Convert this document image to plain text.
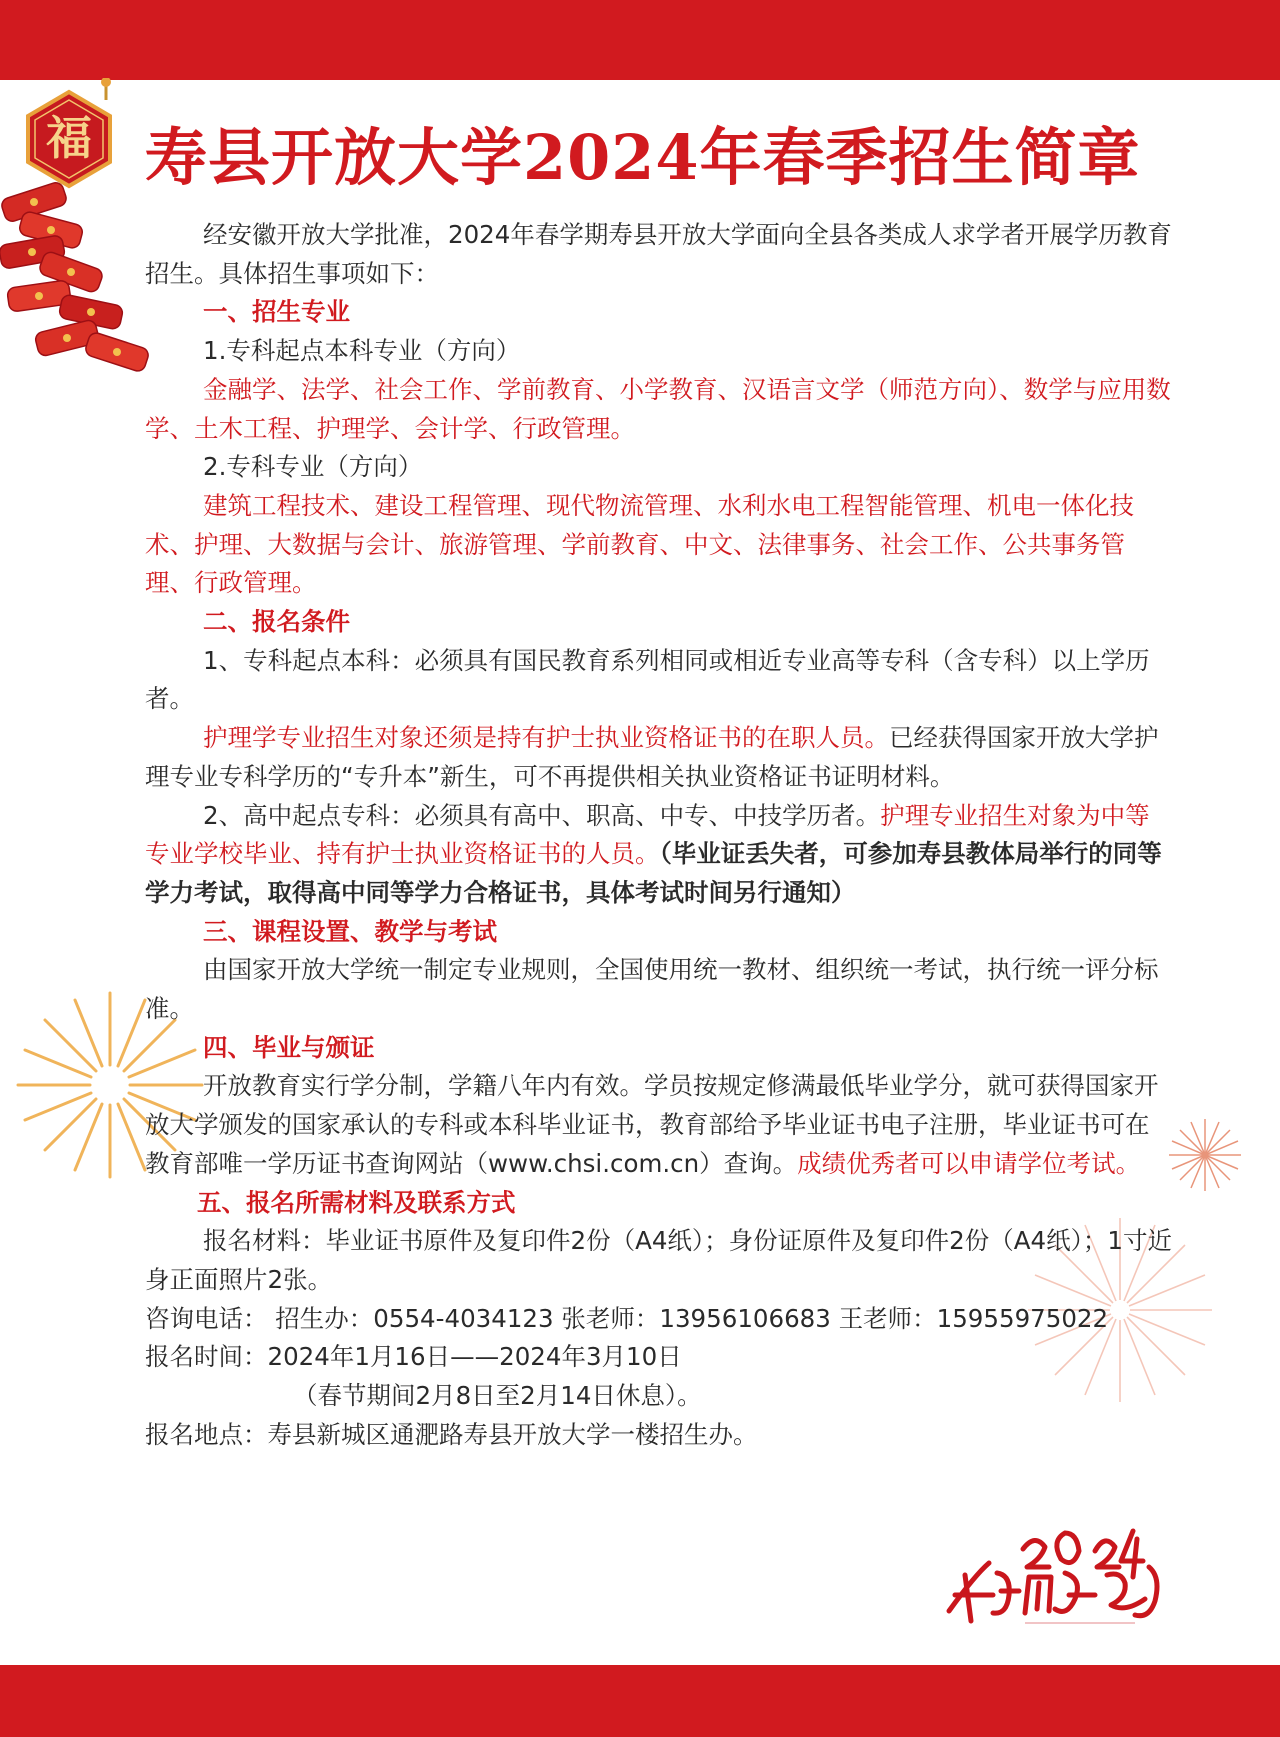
福 寿县开放大学2024年春季招生简章

经安徽开放大学批准，2024年春学期寿县开放大学面向全县各类成人求学者开展学历教育招生。具体招生事项如下：

一、招生专业

1.专科起点本科专业（方向）

金融学、法学、社会工作、学前教育、小学教育、汉语言文学（师范方向）、数学与应用数学、土木工程、护理学、会计学、行政管理。

2.专科专业（方向）

建筑工程技术、建设工程管理、现代物流管理、水利水电工程智能管理、机电一体化技术、护理、大数据与会计、旅游管理、学前教育、中文、法律事务、社会工作、公共事务管理、行政管理。

二、报名条件

1、专科起点本科：必须具有国民教育系列相同或相近专业高等专科（含专科）以上学历者。

护理学专业招生对象还须是持有护士执业资格证书的在职人员。已经获得国家开放大学护理专业专科学历的“专升本”新生，可不再提供相关执业资格证书证明材料。

2、高中起点专科：必须具有高中、职高、中专、中技学历者。护理专业招生对象为中等专业学校毕业、持有护士执业资格证书的人员。（毕业证丢失者，可参加寿县教体局举行的同等学力考试，取得高中同等学力合格证书，具体考试时间另行通知）

三、课程设置、教学与考试

由国家开放大学统一制定专业规则，全国使用统一教材、组织统一考试，执行统一评分标准。

四、毕业与颁证

开放教育实行学分制，学籍八年内有效。学员按规定修满最低毕业学分，就可获得国家开放大学颁发的国家承认的专科或本科毕业证书，教育部给予毕业证书电子注册，毕业证书可在教育部唯一学历证书查询网站（www.chsi.com.cn）查询。成绩优秀者可以申请学位考试。

五、报名所需材料及联系方式

报名材料：毕业证书原件及复印件2份（A4纸）；身份证原件及复印件2份（A4纸）；1寸近身正面照片2张。

咨询电话： 招生办：0554-4034123 张老师：13956106683 王老师：15955975022

报名时间：2024年1月16日——2024年3月10日

（春节期间2月8日至2月14日休息）。

报名地点：寿县新城区通淝路寿县开放大学一楼招生办。
